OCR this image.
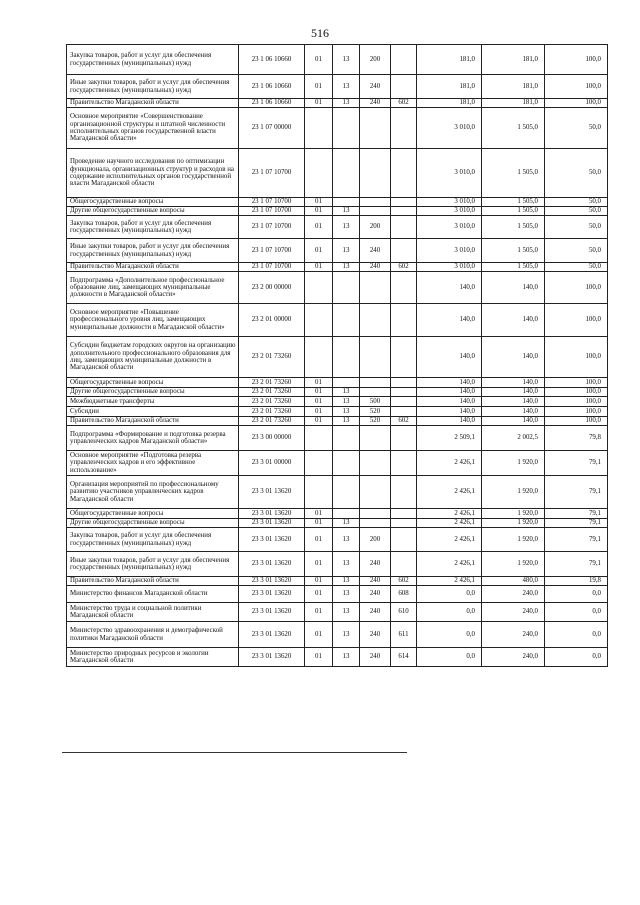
516
Закупка товаров, работ и услуг для обеспечения государственных (муниципальных) нужд	23 1 06 10660	01	13	200		181,0	181,0	100,0
Иные закупки товаров, работ и услуг для обеспечения государственных (муниципальных) нужд	23 1 06 10660	01	13	240		181,0	181,0	100,0
Правительство Магаданской области	23 1 06 10660	01	13	240	602	181,0	181,0	100,0
Основное мероприятие «Совершенствование организационной структуры и штатной численности исполнительных органов государственной власти Магаданской области»	23 1 07 00000					3 010,0	1 505,0	50,0
Проведение научного исследования по оптимизации функционала, организационных структур и расходов на содержание исполнительных органов государственной власти Магаданской области	23 1 07 10700					3 010,0	1 505,0	50,0
Общегосударственные вопросы	23 1 07 10700	01				3 010,0	1 505,0	50,0
Другие общегосударственные вопросы	23 1 07 10700	01	13			3 010,0	1 505,0	50,0
Закупка товаров, работ и услуг для обеспечения государственных (муниципальных) нужд	23 1 07 10700	01	13	200		3 010,0	1 505,0	50,0
Иные закупки товаров, работ и услуг для обеспечения государственных (муниципальных) нужд	23 1 07 10700	01	13	240		3 010,0	1 505,0	50,0
Правительство Магаданской области	23 1 07 10700	01	13	240	602	3 010,0	1 505,0	50,0
Подпрограмма «Дополнительное профессиональное образование лиц, замещающих муниципальные должности в Магаданской области»	23 2 00 00000					140,0	140,0	100,0
Основное мероприятие «Повышение профессионального уровня лиц, замещающих муниципальные должности в Магаданской области»	23 2 01 00000					140,0	140,0	100,0
Субсидии бюджетам городских округов на организацию дополнительного профессионального образования для лиц, замещающих муниципальные должности в Магаданской области	23 2 01 73260					140,0	140,0	100,0
Общегосударственные вопросы	23 2 01 73260	01				140,0	140,0	100,0
Другие общегосударственные вопросы	23 2 01 73260	01	13			140,0	140,0	100,0
Межбюджетные трансферты	23 2 01 73260	01	13	500		140,0	140,0	100,0
Субсидии	23 2 01 73260	01	13	520		140,0	140,0	100,0
Правительство Магаданской области	23 2 01 73260	01	13	520	602	140,0	140,0	100,0
Подпрограмма «Формирование и подготовка резерва управленческих кадров Магаданской области»	23 3 00 00000					2 509,1	2 002,5	79,8
Основное мероприятие «Подготовка резерва управленческих кадров и его эффективное использование»	23 3 01 00000					2 426,1	1 920,0	79,1
Организация мероприятий по профессиональному развитию участников управленческих кадров Магаданской области	23 3 01 13620					2 426,1	1 920,0	79,1
Общегосударственные вопросы	23 3 01 13620	01				2 426,1	1 920,0	79,1
Другие общегосударственные вопросы	23 3 01 13620	01	13			2 426,1	1 920,0	79,1
Закупка товаров, работ и услуг для обеспечения государственных (муниципальных) нужд	23 3 01 13620	01	13	200		2 426,1	1 920,0	79,1
Иные закупки товаров, работ и услуг для обеспечения государственных (муниципальных) нужд	23 3 01 13620	01	13	240		2 426,1	1 920,0	79,1
Правительство Магаданской области	23 3 01 13620	01	13	240	602	2 426,1	480,0	19,8
Министерство финансов Магаданской области	23 3 01 13620	01	13	240	608	0,0	240,0	0,0
Министерство труда и социальной политики Магаданской области	23 3 01 13620	01	13	240	610	0,0	240,0	0,0
Министерство здравоохранения и демографической политики Магаданской области	23 3 01 13620	01	13	240	611	0,0	240,0	0,0
Министерство природных ресурсов и экологии Магаданской области	23 3 01 13620	01	13	240	614	0,0	240,0	0,0
